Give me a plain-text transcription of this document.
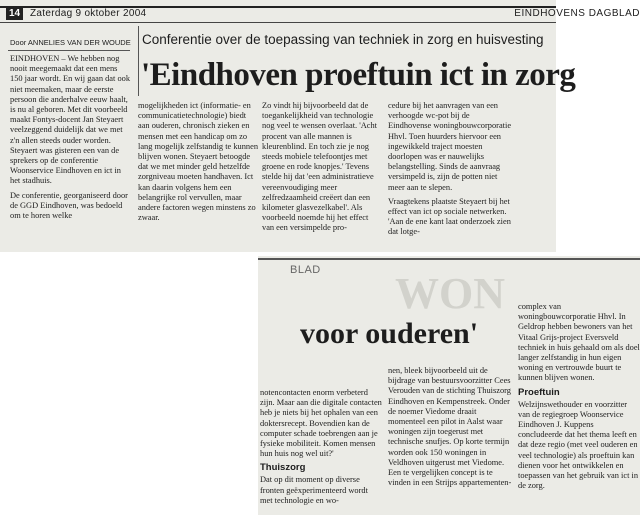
14 Zaterdag 9 oktober 2004	EINDHOVENS DAGBLAD
Door ANNELIES VAN DER WOUDE Conferentie over de toepassing van techniek in zorg en huisvesting
'Eindhoven proeftuin ict in zorg

EINDHOVEN – We hebben nog nooit meegemaakt dat een mens 150 jaar wordt. En wij gaan dat ook niet meemaken, maar de eerste persoon die anderhalve eeuw haalt, is nu al geboren. Met dit voorbeeld maakt Fontys-docent Jan Steyaert veelzeggend duidelijk dat we met z'n allen steeds ouder worden. Steyaert was gisteren een van de sprekers op de conferentie Woonservice Eindhoven en ict in het stadhuis.

De conferentie, georganiseerd door de GGD Eindhoven, was bedoeld om te horen welke

mogelijkheden ict (informatie- en communicatietechnologie) biedt aan ouderen, chronisch zieken en mensen met een handicap om zo lang mogelijk zelfstandig te kunnen blijven wonen. Steyaert betoogde dat we met minder geld hetzelfde zorgniveau moeten handhaven. Ict kan daarin volgens hem een belangrijke rol vervullen, maar andere factoren wegen minstens zo zwaar.

Zo vindt hij bijvoorbeeld dat de toegankelijkheid van technologie nog veel te wensen overlaat. 'Acht procent van alle mannen is kleurenblind. En toch zie je nog steeds mobiele telefoontjes met groene en rode knopjes.' Tevens stelde hij dat 'een administratieve vereenvoudiging meer zelfredzaamheid creëert dan een kilometer glasvezelkabel'. Als voorbeeld noemde hij het effect van een versimpelde pro-

cedure bij het aanvragen van een verhoogde wc-pot bij de Eindhovense woningbouwcorporatie Hhvl. Toen huurders hiervoor een ingewikkeld traject moesten doorlopen was er nauwelijks belangstelling. Sinds de aanvraag versimpeld is, zijn de potten niet meer aan te slepen.

Vraagtekens plaatste Steyaert bij het effect van ict op sociale netwerken. 'Aan de ene kant laat onderzoek zien dat lotge-

BLAD WON
voor ouderen'

notencontacten enorm verbeterd zijn. Maar aan die digitale contacten heb je niets bij het ophalen van een doktersrecept. Bovendien kan de computer schade toebrengen aan je fysieke mobiliteit. Komen mensen hun huis nog wel uit?'

Thuiszorg

Dat op dit moment op diverse fronten geëxperimenteerd wordt met technologie en wo-

nen, bleek bijvoorbeeld uit de bijdrage van bestuursvoorzitter Cees Verouden van de stichting Thuiszorg Eindhoven en Kempenstreek. Onder de noemer Viedome draait momenteel een pilot in Aalst waar woningen zijn toegerust met technische snufjes. Op korte termijn worden ook 150 woningen in Veldhoven uitgerust met Viedome. Een te vergelijken concept is te vinden in een Strijps appartementen-

complex van woningbouwcorporatie Hhvl. In Geldrop hebben bewoners van het Vitaal Grijs-project Eversveld techniek in huis gehaald om als doel langer zelfstandig in hun eigen woning en vertrouwde buurt te kunnen blijven wonen.

Proeftuin

Welzijnswethouder en voorzitter van de regiegroep Woonservice Eindhoven J. Kuppens concludeerde dat het thema leeft en dat deze regio (met veel ouderen en veel technologie) als proeftuin kan dienen voor het ontwikkelen en toepassen van het gebruik van ict in de zorg.
